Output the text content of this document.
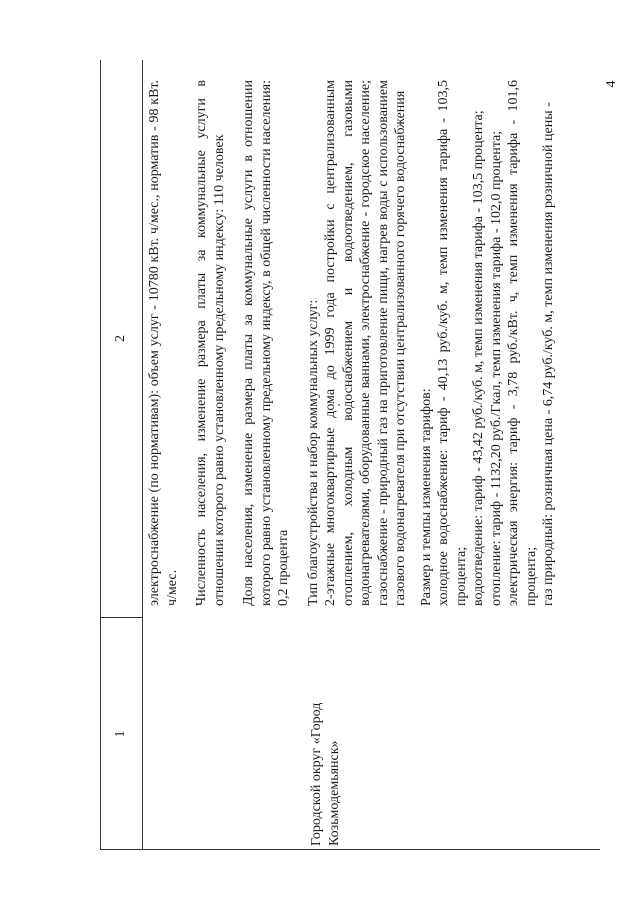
4
1
2
Городской округ «Город Козьмодемьянск»
электроснабжение (по нормативам): объем услуг - 10780 кВт. ч/мес., норматив - 98 кВт. ч/мес. Численность населения, изменение размера платы за коммунальные услуги в отношении которого равно установленному предельному индексу: 110 человек Доля населения, изменение размера платы за коммунальные услуги в отношении которого равно установленному предельному индексу, в общей численности населения: 0,2 процента Тип благоустройства и набор коммунальных услуг: 2-этажные многоквартирные дома до 1999 года постройки с централизованным отоплением, холодным водоснабжением и водоотведением, газовыми водонагревателями, оборудованные ваннами, электроснабжение - городское население; газоснабжение - природный газ на приготовление пищи, нагрев воды с использованием газового водонагревателя при отсутствии централизованного горячего водоснабжения Размер и темпы изменения тарифов: холодное водоснабжение: тариф - 40,13 руб./куб. м, темп изменения тарифа - 103,5 процента; водоотведение: тариф - 43,42 руб./куб. м, темп изменения тарифа - 103,5 процента; отопление: тариф - 1132,20 руб./Гкал, темп изменения тарифа - 102,0 процента; электрическая энергия: тариф - 3,78 руб./кВт. ч, темп изменения тарифа - 101,6 процента; газ природный: розничная цена - 6,74 руб./куб. м, темп изменения розничной цены -
